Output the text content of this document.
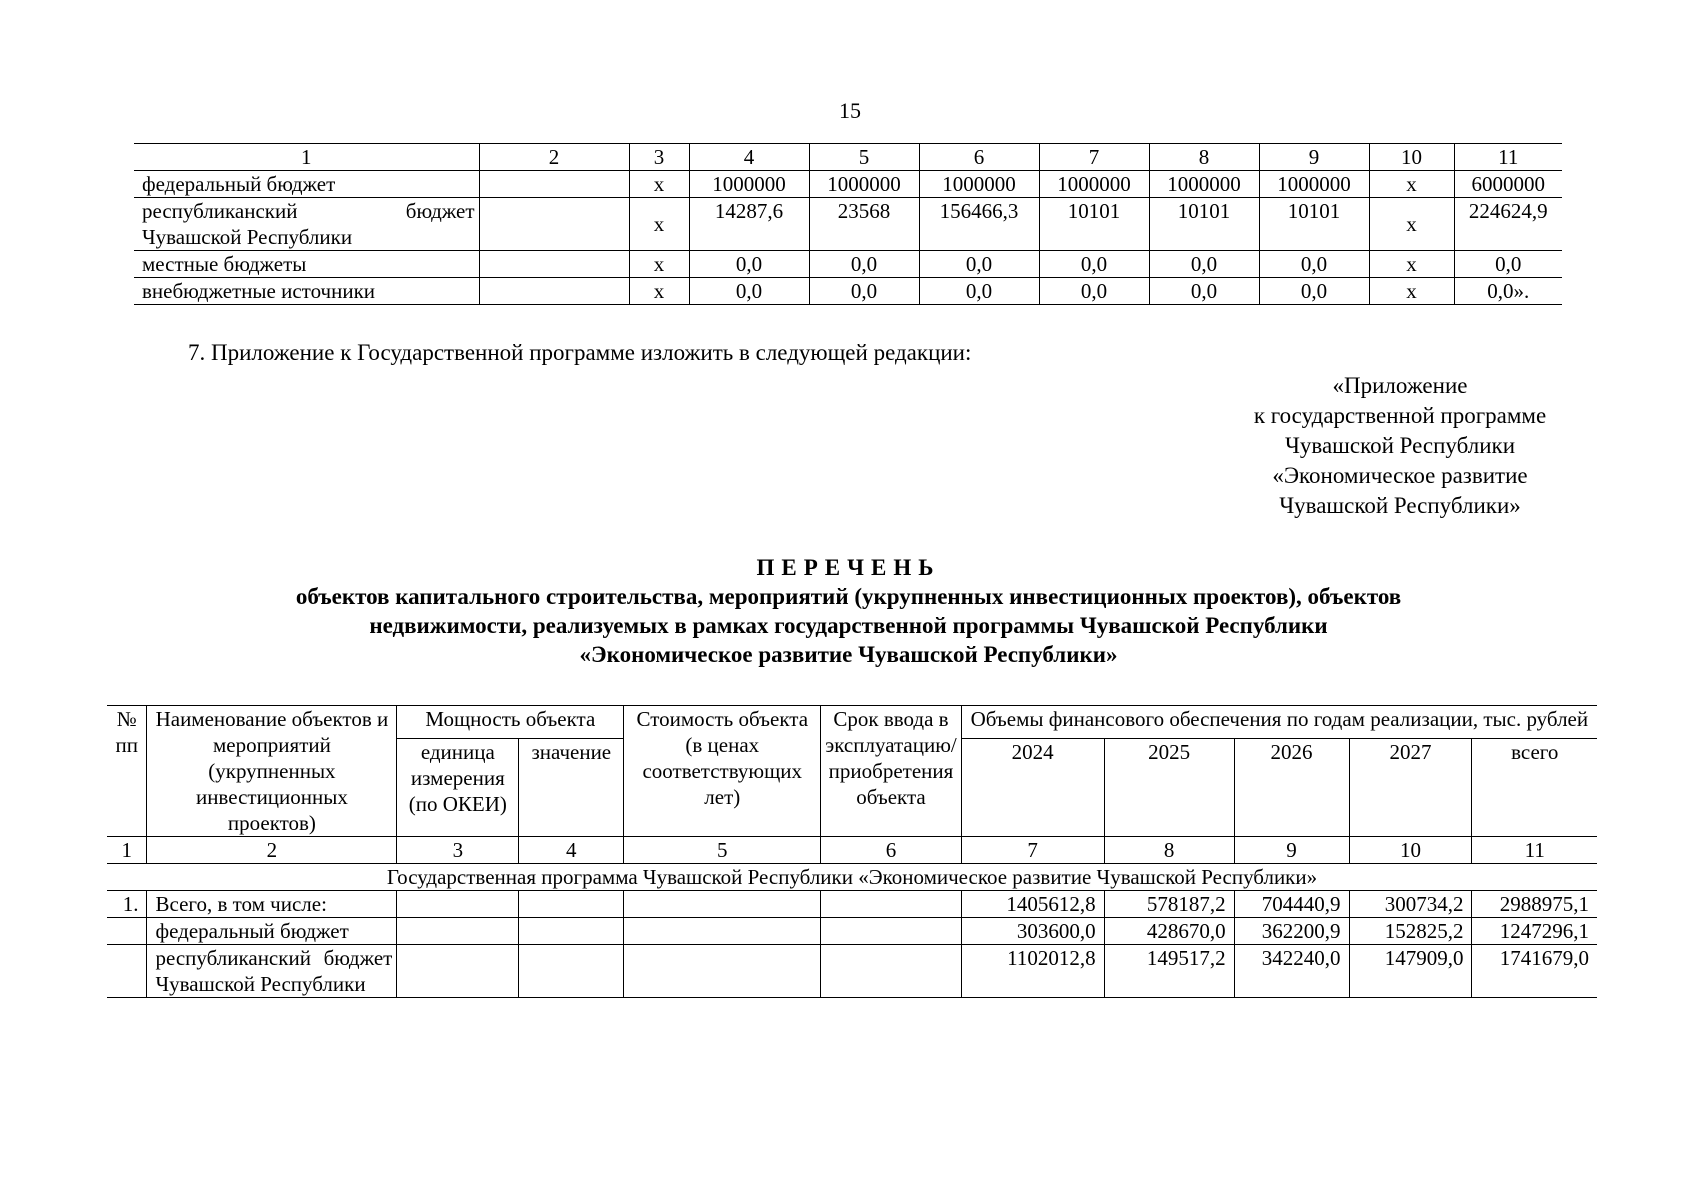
15
1	2	3	4	5	6	7	8	9	10	11
федеральный бюджет		х	1000000	1000000	1000000	1000000	1000000	1000000	х	6000000
республиканский бюджет Чувашской Республики		х	14287,6	23568	156466,3	10101	10101	10101	х	224624,9
местные бюджеты		х	0,0	0,0	0,0	0,0	0,0	0,0	х	0,0
внебюджетные источники		х	0,0	0,0	0,0	0,0	0,0	0,0	х	0,0».
7. Приложение к Государственной программе изложить в следующей редакции:
«Приложение
к государственной программе
Чувашской Республики
«Экономическое развитие
Чувашской Республики»
ПЕРЕЧЕНЬ
объектов капитального строительства, мероприятий (укрупненных инвестиционных проектов), объектов
недвижимости, реализуемых в рамках государственной программы Чувашской Республики
«Экономическое развитие Чувашской Республики»
№ пп	Наименование объектов и мероприятий (укрупненных инвестиционных проектов)	Мощность объекта		Стоимость объекта (в ценах соответствующих лет)	Срок ввода в эксплуатацию/приобретения объекта	Объемы финансового обеспечения по годам реализации, тыс. рублей				
		единица измерения (по ОКЕИ)	значение			2024	2025	2026	2027	всего
1	2	3	4	5	6	7	8	9	10	11
Государственная программа Чувашской Республики «Экономическое развитие Чувашской Республики»										
1.	Всего, в том числе:					1405612,8	578187,2	704440,9	300734,2	2988975,1
	федеральный бюджет					303600,0	428670,0	362200,9	152825,2	1247296,1
	республиканский бюджет Чувашской Республики					1102012,8	149517,2	342240,0	147909,0	1741679,0
